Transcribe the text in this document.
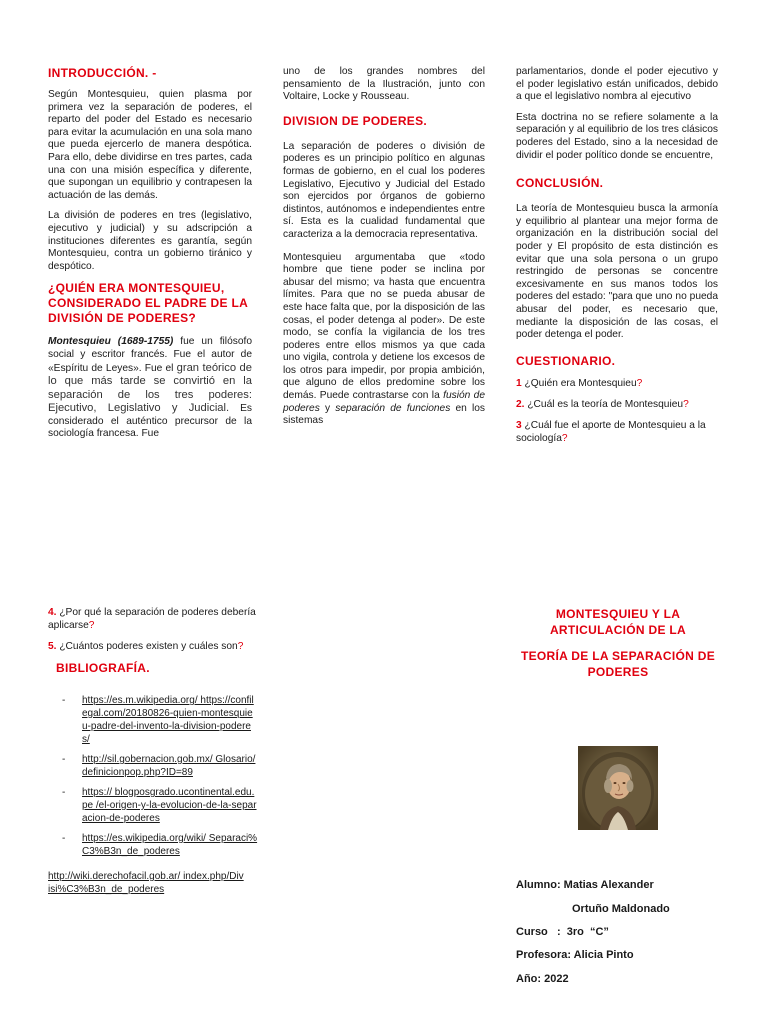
INTRODUCCIÓN. -

Según Montesquieu, quien plasma por primera vez la separación de poderes, el reparto del poder del Estado es necesario para evitar la acumulación en una sola mano que pueda ejercerlo de manera despótica. Para ello, debe dividirse en tres partes, cada una con una misión específica y diferente, que supongan un equilibrio y contrapesen la actuación de las demás.

La división de poderes en tres (legislativo, ejecutivo y judicial) y su adscripción a instituciones diferentes es garantía, según Montesquieu, contra un gobierno tiránico y despótico.

¿QUIÉN ERA MONTESQUIEU, CONSIDERADO EL PADRE DE LA DIVISIÓN DE PODERES?

Montesquieu (1689-1755) fue un filósofo social y escritor francés. Fue el autor de «Espíritu de Leyes». Fue el gran teórico de lo que más tarde se convirtió en la separación de los tres poderes: Ejecutivo, Legislativo y Judicial. Es considerado el auténtico precursor de la sociología francesa. Fue

uno de los grandes nombres del pensamiento de la Ilustración, junto con Voltaire, Locke y Rousseau.

DIVISION DE PODERES.

La separación de poderes o división de poderes es un principio político en algunas formas de gobierno, en el cual los poderes Legislativo, Ejecutivo y Judicial del Estado son ejercidos por órganos de gobierno distintos, autónomos e independientes entre sí. Esta es la cualidad fundamental que caracteriza a la democracia representativa.

Montesquieu argumentaba que «todo hombre que tiene poder se inclina por abusar del mismo; va hasta que encuentra límites. Para que no se pueda abusar de este hace falta que, por la disposición de las cosas, el poder detenga al poder». De este modo, se confía la vigilancia de los tres poderes entre ellos mismos ya que cada uno vigila, controla y detiene los excesos de los otros para impedir, por propia ambición, que alguno de ellos predomine sobre los demás. Puede contrastarse con la fusión de poderes y separación de funciones en los sistemas

parlamentarios, donde el poder ejecutivo y el poder legislativo están unificados, debido a que el legislativo nombra al ejecutivo

Esta doctrina no se refiere solamente a la separación y al equilibrio de los tres clásicos poderes del Estado, sino a la necesidad de dividir el poder político donde se encuentre,

CONCLUSIÓN.

La teoría de Montesquieu busca la armonía y equilibrio al plantear una mejor forma de organización en la distribución social del poder y El propósito de esta distinción es evitar que una sola persona o un grupo restringido de personas se concentre excesivamente en sus manos todos los poderes del estado: "para que uno no pueda abusar del poder, es necesario que, mediante la disposición de las cosas, el poder detenga el poder.

CUESTIONARIO.
1 ¿Quién era Montesquieu?
2. ¿Cuál es la teoría de Montesquieu?
3 ¿Cuál fue el aporte de Montesquieu a la sociología?
4. ¿Por qué la separación de poderes debería aplicarse?
5. ¿Cuántos poderes existen y cuáles son?
BIBLIOGRAFÍA.
- https://es.m.wikipedia.org/ https://confilegal.com/20180826-quien-montesquieu-padre-del-invento-la-division-poderes/
- http://sil.gobernacion.gob.mx/ Glosario/definicionpop.php?ID=89
- https:// blogposgrado.ucontinental.edu.pe /el-origen-y-la-evolucion-de-la-separacion-de-poderes
- https://es.wikipedia.org/wiki/ Separaci%C3%B3n_de_poderes
http://wiki.derechofacil.gob.ar/ index.php/Divisi%C3%B3n_de_poderes
MONTESQUIEU Y LA
ARTICULACIÓN DE LA
TEORÍA DE LA SEPARACIÓN DE
PODERES
Alumno: Matias Alexander
Ortuño Maldonado
Curso   :  3ro  “C”
Profesora: Alicia Pinto
Año: 2022
